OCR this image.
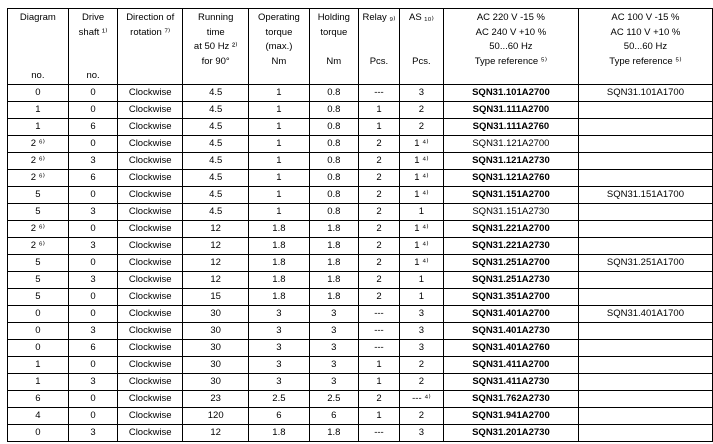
Diagram

no.	Drive
shaft ¹⁾

no.	Direction of
rotation ⁷⁾	Running
time
at 50 Hz ²⁾
for 90°	Operating
torque
(max.)
Nm	Holding
torque

Nm	Relay ₉₎

Pcs.	AS ₁₀₎

Pcs.	AC 220 V -15 %
AC 240 V +10 %
50...60 Hz
Type reference ⁵⁾	AC 100 V -15 %
AC 110 V +10 %
50...60 Hz
Type reference ⁵⁾

0	0	Clockwise	4.5	1	0.8	---	3	SQN31.101A2700	SQN31.101A1700
1	0	Clockwise	4.5	1	0.8	1	2	SQN31.111A2700	
1	6	Clockwise	4.5	1	0.8	1	2	SQN31.111A2760	
2 ⁶⁾	0	Clockwise	4.5	1	0.8	2	1 ⁴⁾	SQN31.121A2700	
2 ⁶⁾	3	Clockwise	4.5	1	0.8	2	1 ⁴⁾	SQN31.121A2730	
2 ⁶⁾	6	Clockwise	4.5	1	0.8	2	1 ⁴⁾	SQN31.121A2760	
5	0	Clockwise	4.5	1	0.8	2	1 ⁴⁾	SQN31.151A2700	SQN31.151A1700
5	3	Clockwise	4.5	1	0.8	2	1	SQN31.151A2730	
2 ⁶⁾	0	Clockwise	12	1.8	1.8	2	1 ⁴⁾	SQN31.221A2700	
2 ⁶⁾	3	Clockwise	12	1.8	1.8	2	1 ⁴⁾	SQN31.221A2730	
5	0	Clockwise	12	1.8	1.8	2	1 ⁴⁾	SQN31.251A2700	SQN31.251A1700
5	3	Clockwise	12	1.8	1.8	2	1	SQN31.251A2730	
5	0	Clockwise	15	1.8	1.8	2	1	SQN31.351A2700	
0	0	Clockwise	30	3	3	---	3	SQN31.401A2700	SQN31.401A1700
0	3	Clockwise	30	3	3	---	3	SQN31.401A2730	
0	6	Clockwise	30	3	3	---	3	SQN31.401A2760	
1	0	Clockwise	30	3	3	1	2	SQN31.411A2700	
1	3	Clockwise	30	3	3	1	2	SQN31.411A2730	
6	0	Clockwise	23	2.5	2.5	2	--- ⁴⁾	SQN31.762A2730	
4	0	Clockwise	120	6	6	1	2	SQN31.941A2700	
0	3	Clockwise	12	1.8	1.8	---	3	SQN31.201A2730	
